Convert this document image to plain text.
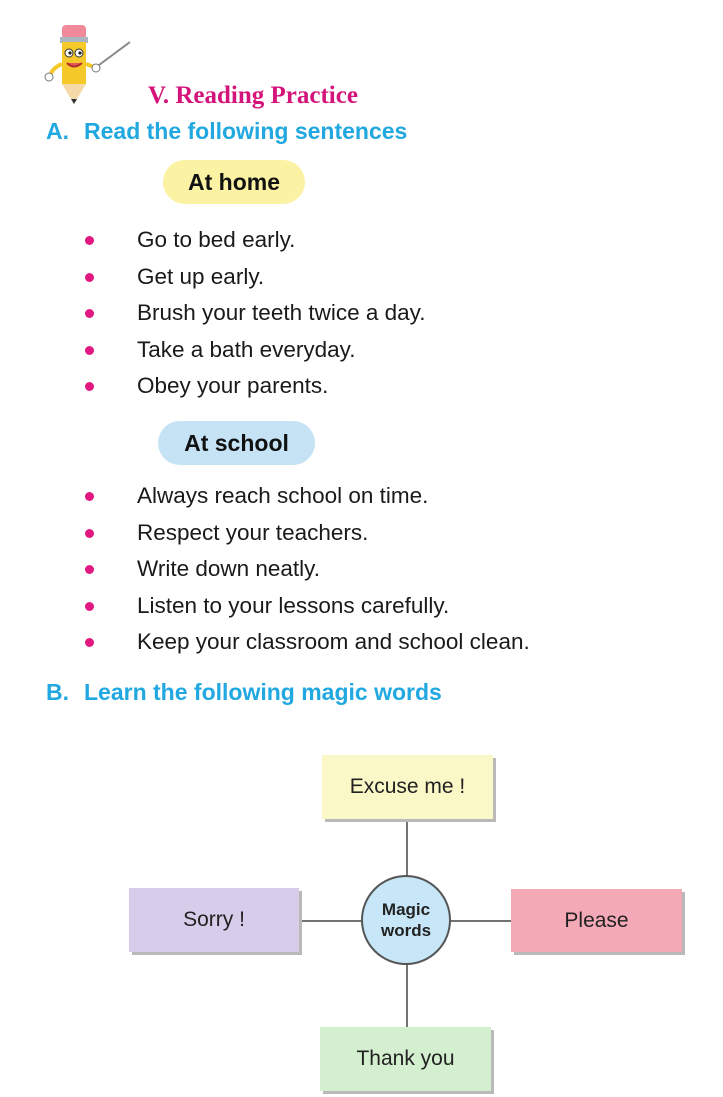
V. Reading Practice
A. Read the following sentences
At home
Go to bed early.
Get up early.
Brush your teeth twice a day.
Take a bath everyday.
Obey your parents.
At school
Always reach school on time.
Respect your teachers.
Write down neatly.
Listen to your lessons carefully.
Keep your classroom and school clean.
B. Learn the following magic words
Excuse me !
Sorry !	Please
Thank you
Magic
words
